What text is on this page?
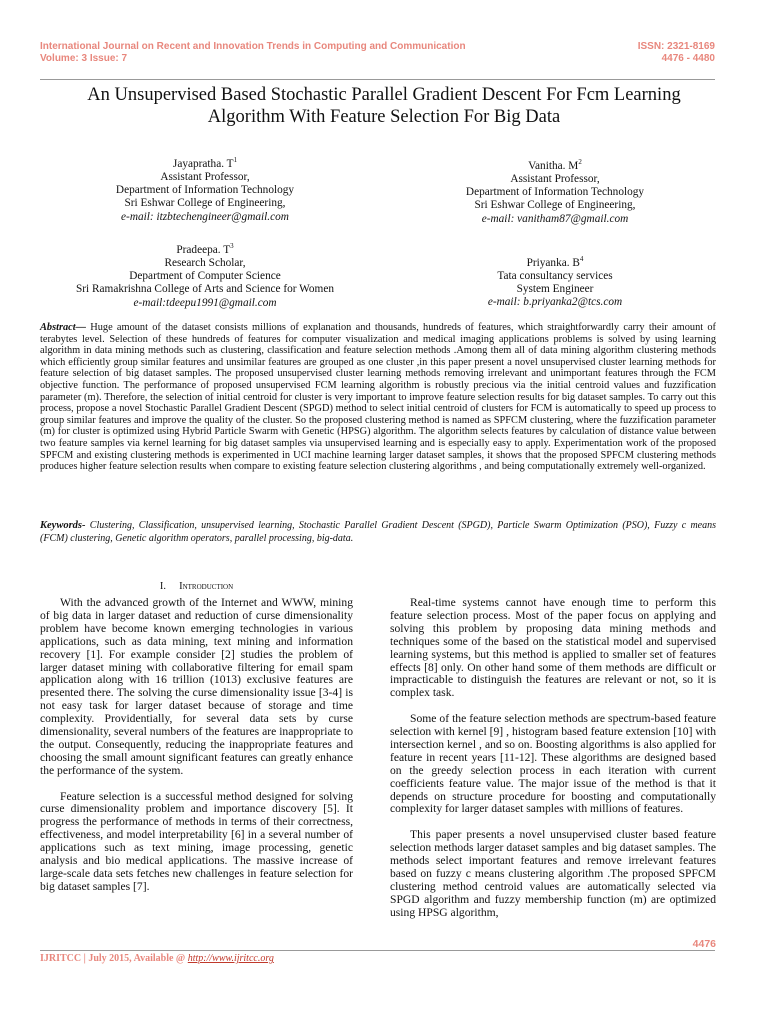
International Journal on Recent and Innovation Trends in Computing and Communication
Volume: 3 Issue: 7
ISSN: 2321-8169
4476 - 4480
An Unsupervised Based Stochastic Parallel Gradient Descent For Fcm Learning
Algorithm With Feature Selection For Big Data
Jayapratha. $T^1$
Assistant Professor,
Department of Information Technology
Sri Eshwar College of Engineering,
e-mail: itzbtechengineer@gmail.com
Vanitha. $M^2$
Assistant Professor,
Department of Information Technology
Sri Eshwar College of Engineering,
e-mail: vanitham87@gmail.com
Pradeepa. $T^3$
Research Scholar,
Department of Computer Science
Sri Ramakrishna College of Arts and Science for Women
e-mail:tdeepu1991@gmail.com
Priyanka. $B^4$
Tata consultancy services
System Engineer
e-mail: b.priyanka2@tcs.com
Abstract— Huge amount of the dataset consists millions of explanation and thousands, hundreds of features, which straightforwardly carry their amount of terabytes level. Selection of these hundreds of features for computer visualization and medical imaging applications problems is solved by using learning algorithm in data mining methods such as clustering, classification and feature selection methods .Among them all of data mining algorithm clustering methods which efficiently group similar features and unsimilar features are grouped as one cluster ,in this paper present a novel unsupervised cluster learning methods for feature selection of big dataset samples. The proposed unsupervised cluster learning methods removing irrelevant and unimportant features through the FCM objective function. The performance of proposed unsupervised FCM learning algorithm is robustly precious via the initial centroid values and fuzzification parameter (m). Therefore, the selection of initial centroid for cluster is very important to improve feature selection results for big dataset samples. To carry out this process, propose a novel Stochastic Parallel Gradient Descent (SPGD) method to select initial centroid of clusters for FCM is automatically to speed up process to group similar features and improve the quality of the cluster. So the proposed clustering method is named as SPFCM clustering, where the fuzzification parameter (m) for cluster is optimized using Hybrid Particle Swarm with Genetic (HPSG) algorithm. The algorithm selects features by calculation of distance value between two feature samples via kernel learning for big dataset samples via unsupervised learning and is especially easy to apply. Experimentation work of the proposed SPFCM and existing clustering methods is experimented in UCI machine learning larger dataset samples, it shows that the proposed SPFCM clustering methods produces higher feature selection results when compare to existing feature selection clustering algorithms , and being computationally extremely well-organized.
Keywords- Clustering, Classification, unsupervised learning, Stochastic Parallel Gradient Descent (SPGD), Particle Swarm Optimization (PSO), Fuzzy c means (FCM) clustering, Genetic algorithm operators, parallel processing, big-data.
I. Introduction

With the advanced growth of the Internet and WWW, mining of big data in larger dataset and reduction of curse dimensionality problem have become known emerging technologies in various applications, such as data mining, text mining and information recovery [1]. For example consider [2] studies the problem of larger dataset mining with collaborative filtering for email spam application along with 16 trillion (1013) exclusive features are presented there. The solving the curse dimensionality issue [3-4] is not easy task for larger dataset because of storage and time complexity. Providentially, for several data sets by curse dimensionality, several numbers of the features are inappropriate to the output. Consequently, reducing the inappropriate features and choosing the small amount significant features can greatly enhance the performance of the system.

Feature selection is a successful method designed for solving curse dimensionality problem and importance discovery [5]. It progress the performance of methods in terms of their correctness, effectiveness, and model interpretability [6] in a several number of applications such as text mining, image processing, genetic analysis and bio medical applications. The massive increase of large-scale data sets fetches new challenges in feature selection for big dataset samples [7].

Real-time systems cannot have enough time to perform this feature selection process. Most of the paper focus on applying and solving this problem by proposing data mining methods and techniques some of the based on the statistical model and supervised learning systems, but this method is applied to smaller set of features effects [8] only. On other hand some of them methods are difficult or impracticable to distinguish the features are relevant or not, so it is complex task.

Some of the feature selection methods are spectrum-based feature selection with kernel [9] , histogram based feature extension [10] with intersection kernel , and so on. Boosting algorithms is also applied for feature in recent years [11-12]. These algorithms are designed based on the greedy selection process in each iteration with current coefficients feature value. The major issue of the method is that it depends on structure procedure for boosting and computationally complexity for larger dataset samples with millions of features.

This paper presents a novel unsupervised cluster based feature selection methods larger dataset samples and big dataset samples. The methods select important features and remove irrelevant features based on fuzzy c means clustering algorithm .The proposed SPFCM clustering method centroid values are automatically selected via SPGD algorithm and fuzzy membership function (m) are optimized using HPSG algorithm,

4476
IJRITCC | July 2015, Available @ http://www.ijritcc.org
